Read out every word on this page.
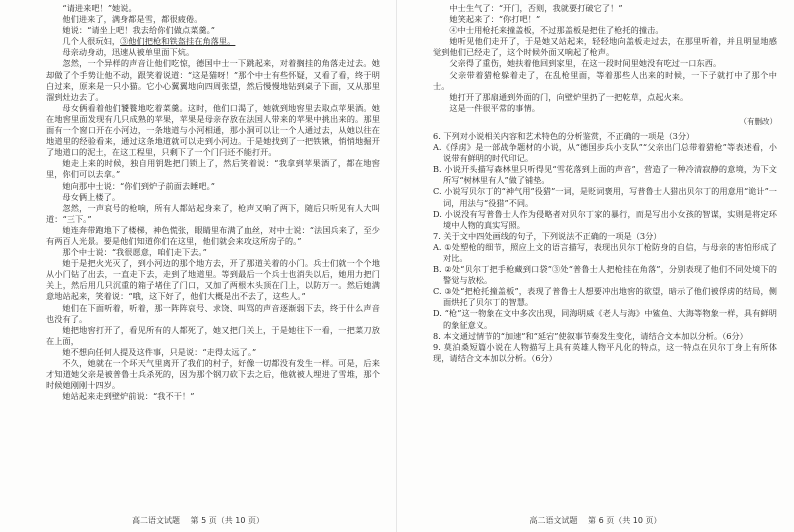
“请进来吧！”她说。

他们进来了，满身都是雪，都很疲倦。

她说：“请坐上吧！我去给你们做点菜羹。”

几个人很玩妇，③他们把枪和铁盔挂在角落里。

母亲动身动，迅速从被单里面下炕。

忽然，一个异样的声音让他们吃惊，德国中士一下跳起来，对着搁挂的角落走过去。她却做了个手势让他不动，跟笑着说道：“这是猫呀！”那个中士有些怀疑，又看了看，终于明白过来，原来是一只小猫。它小心翼翼地向四周张望，然后慢慢地钻到桌子下面，又从那里溜到灶边去了。

母女俩看着他们饕餮地吃着菜羹。这时，他们口渴了，她就到地窖里去取点苹果酒。她在地窖里面发现有几只成熟的苹果，苹果是母亲存放在法国人带来的苹果中挑出来的。那里面有一个窗口开在小河边，一条地道与小河相通，那小洞可以让一个人通过去，从她以往在地道里的经验看来，通过这条地道就可以走到小河边。于是她找到了一把铁锹，悄悄地掘开了地道口的泥土，在这工程里，只剩下了一个门闩还不能打开。

她走上来的时候，独自用钥匙把门锁上了，然后笑着说：“我拿到苹果酒了，都在地窖里，你们可以去拿。”

她向那中士说：“你们到炉子前面去睡吧。”

母女俩上楼了。

忽然，一声哀号的枪响，所有人都站起身来了，枪声又响了两下，随后只听见有人大叫道：“三下。”

她连奔带跑地下了楼梯，神色慌张，眼睛里布满了血丝，对中士说：“法国兵来了，至少有两百人光景。要是他们知道你们在这里，他们就会来攻这所房子的。”

那个中士说：“我很愿意，咱们走下去。”

她于是把火光灭了，到小河边的那个地方去，开了那道关着的小门。兵士们就一个个地从小门钻了出去，一直走下去，走到了地道里。等到最后一个兵士也消失以后，她用力把门关上，然后用几只沉重的箱子堵住了门口，又加了两根木头顶在门上，以防万一。然后她满意地站起来，笑着说：“哦，这下好了，他们大概是出不去了，这些人。”

她们在下面听着，听着，那一阵阵哀号、求饶、叫骂的声音逐渐弱下去，终于什么声音也没有了。

她把地窖打开了，看见所有的人都死了，她又把门关上，于是她往下一看，一把菜刀放在上面，

她不想向任何人提及这件事，只是说：“走得太远了。”

不久，她就在一个坏天气里离开了我们的村子，好像一切都没有发生一样。可是，后来才知道她父亲是被普鲁士兵杀死的，因为那个钢刀砍下去之后，他就被人埋进了雪堆，那个时候她刚刚十四岁。

她站起来走到壁炉前说：“我不干！”

高二语文试题 第 5 页（共 10 页）

中士生气了：“开门，否则，我就要打破它了！”

她笑起来了：“你打吧！”

④中士用枪托来撞盖板，不过那盖板是把住了枪托的撞击。

她听见他们走开了，于是她又站起来，轻轻地向盖板走过去，在那里听着，并且明显地感觉到他们已经走了，这个时候外面又响起了枪声。

父亲得了重伤，她扶着他回到家里，在这一段时间里她没有吃过一口东西。

父亲带着猎枪躲着走了，在乱枪里面，等着那些人出来的时候，一下子就打中了那个中士。

她打开了那扇通到外面的门，向壁炉里扔了一把乾草，点起火来。

这是一件很平常的事情。

（有删改）

6. 下列对小说相关内容和艺术特色的分析鉴赏，不正确的一项是（3分）

A.《俘虏》是一部战争题材的小说，从“德国步兵小支队”“父亲出门总带着猎枪”等表述看，小说带有鲜明的时代印记。

B. 小说开头描写森林里只听得见“雪花落到上面的声音”，营造了一种冷清寂静的意境，为下文所写“树林里有人”做了铺垫。

C. 小说写贝尔丁的“神气用”役猎”一词，是贬词褒用，写普鲁士人猎出贝尔丁的用意用“诡计”一词，用法与“役猎”不同。

D. 小说没有写普鲁士人作为侵略者对贝尔丁家的暴行，而是写出小女孩的智谋，实则是将定环境中人物的真实写照。

7. 关于文中四处画线的句子，下列说法不正确的一项是（3分）

A. ①处塑枪的细节，照应上文的语言描写，表现出贝尔丁枪防身的自信，与母亲的害怕形成了对比。

B. ②处“贝尔丁把手枪藏到口袋”③处“普鲁士人把枪挂在角落”，分别表现了他们不同处境下的警觉与放松。

C. ③处“把枪托撞盖板”，表现了普鲁士人想要冲出地窖的欲望，暗示了他们被俘虏的结局，侧面烘托了贝尔丁的智慧。

D. “枪”这一物象在文中多次出现，同海明威《老人与海》中鲨鱼、大海等物象一样，具有鲜明的象征意义。

8. 本文通过情节的“加速”和“延宕”使叙事节奏发生变化，请结合文本加以分析。（6分）

9. 莫泊桑短篇小说在人物描写上具有英雄人物平凡化的特点，这一特点在贝尔丁身上有所体现，请结合文本加以分析。（6分）

高二语文试题 第 6 页（共 10 页）
